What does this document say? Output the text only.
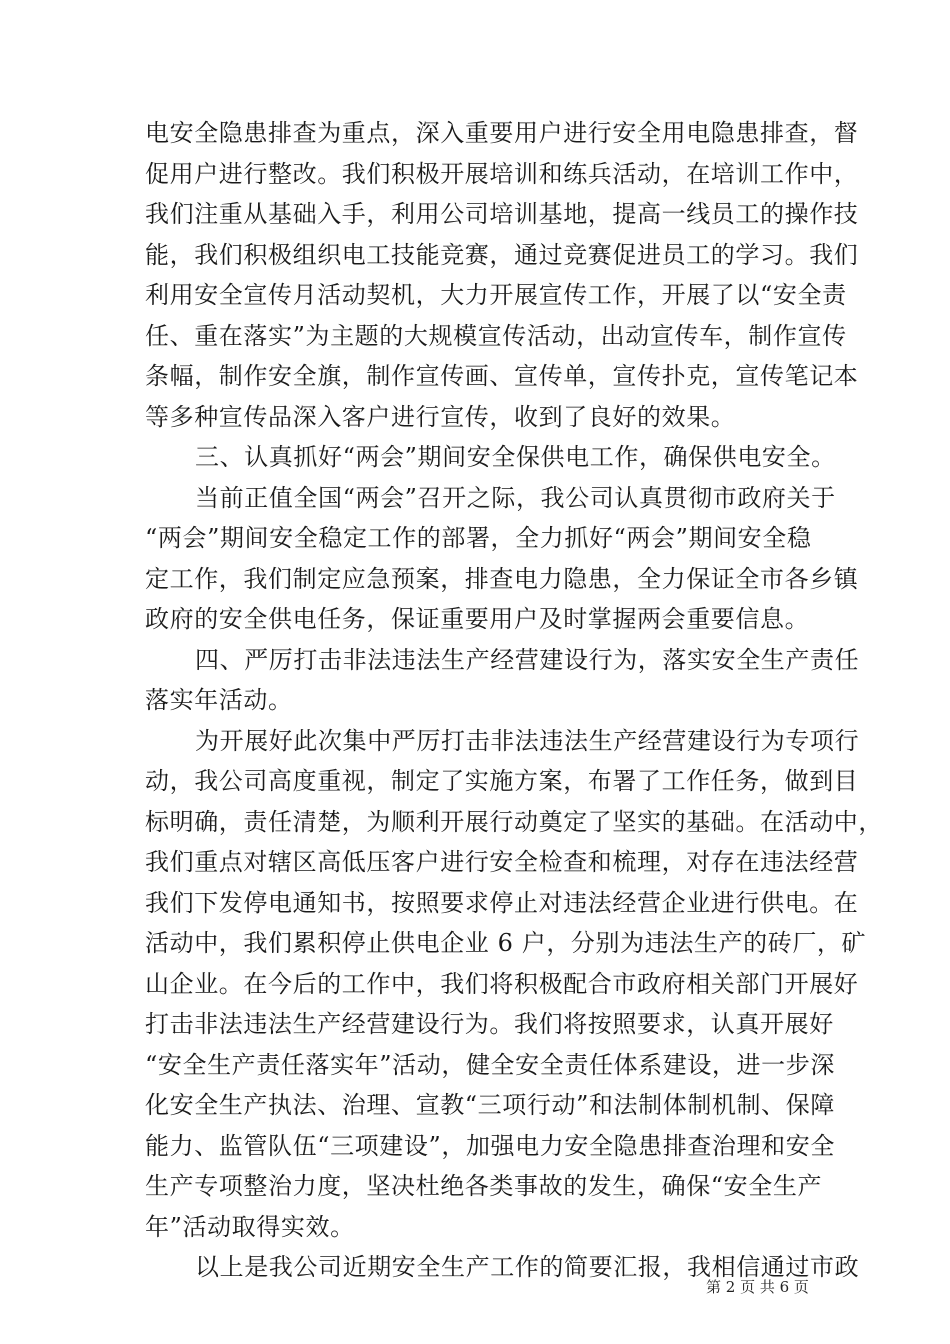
电安全隐患排查为重点，深入重要用户进行安全用电隐患排查，督
促用户进行整改。我们积极开展培训和练兵活动，在培训工作中，
我们注重从基础入手，利用公司培训基地，提高一线员工的操作技
能，我们积极组织电工技能竞赛，通过竞赛促进员工的学习。我们
利用安全宣传月活动契机，大力开展宣传工作，开展了以“安全责
任、重在落实”为主题的大规模宣传活动，出动宣传车，制作宣传
条幅，制作安全旗，制作宣传画、宣传单，宣传扑克，宣传笔记本
等多种宣传品深入客户进行宣传，收到了良好的效果。
三、认真抓好“两会”期间安全保供电工作，确保供电安全。
当前正值全国“两会”召开之际，我公司认真贯彻市政府关于
“两会”期间安全稳定工作的部署，全力抓好“两会”期间安全稳
定工作，我们制定应急预案，排查电力隐患，全力保证全市各乡镇
政府的安全供电任务，保证重要用户及时掌握两会重要信息。
四、严厉打击非法违法生产经营建设行为，落实安全生产责任
落实年活动。
为开展好此次集中严厉打击非法违法生产经营建设行为专项行
动，我公司高度重视，制定了实施方案，布署了工作任务，做到目
标明确，责任清楚，为顺利开展行动奠定了坚实的基础。在活动中，
我们重点对辖区高低压客户进行安全检查和梳理，对存在违法经营
我们下发停电通知书，按照要求停止对违法经营企业进行供电。在
活动中，我们累积停止供电企业 6 户，分别为违法生产的砖厂，矿
山企业。在今后的工作中，我们将积极配合市政府相关部门开展好
打击非法违法生产经营建设行为。我们将按照要求，认真开展好
“安全生产责任落实年”活动，健全安全责任体系建设，进一步深
化安全生产执法、治理、宣教“三项行动”和法制体制机制、保障
能力、监管队伍“三项建设”，加强电力安全隐患排查治理和安全
生产专项整治力度，坚决杜绝各类事故的发生，确保“安全生产
年”活动取得实效。
以上是我公司近期安全生产工作的简要汇报，我相信通过市政
第 2 页 共 6 页
